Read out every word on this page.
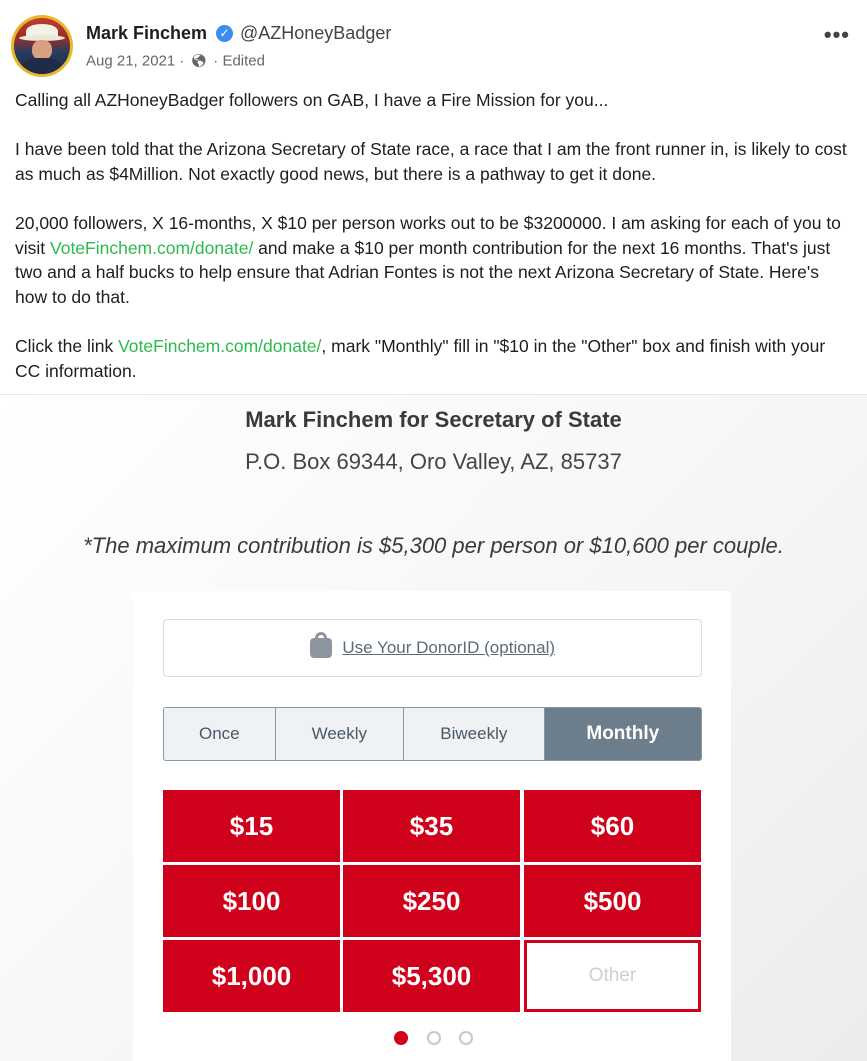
Mark Finchem ✓ @AZHoneyBadger
Aug 21, 2021 · 🌎︎ · Edited
•••

Calling all AZHoneyBadger followers on GAB, I have a Fire Mission for you...

I have been told that the Arizona Secretary of State race, a race that I am the front runner in, is likely to cost as much as $4Million. Not exactly good news, but there is a pathway to get it done.

20,000 followers, X 16-months, X $10 per person works out to be $3200000. I am asking for each of you to visit VoteFinchem.com/donate/ and make a $10 per month contribution for the next 16 months. That's just two and a half bucks to help ensure that Adrian Fontes is not the next Arizona Secretary of State. Here's how to do that.

Click the link VoteFinchem.com/donate/, mark "Monthly" fill in "$10 in the "Other" box and finish with your CC information.

Mark Finchem for Secretary of State
P.O. Box 69344, Oro Valley, AZ, 85737
*The maximum contribution is $5,300 per person or $10,600 per couple.
Use Your DonorID (optional)
Once	Weekly	Biweekly	Monthly
$15	$35	$60
$100	$250	$500
$1,000	$5,300	Other
